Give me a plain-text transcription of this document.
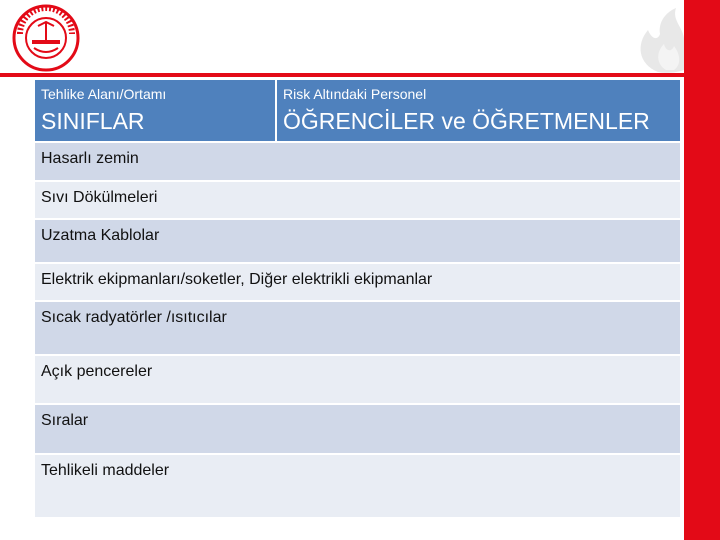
Tehlike Alanı/Ortamı
SINIFLAR
Risk Altındaki Personel
ÖĞRENCİLER ve ÖĞRETMENLER
Hasarlı zemin
Sıvı Dökülmeleri
Uzatma Kablolar
Elektrik ekipmanları/soketler, Diğer elektrikli ekipmanlar
Sıcak radyatörler /ısıtıcılar
Açık pencereler
Sıralar
Tehlikeli maddeler
